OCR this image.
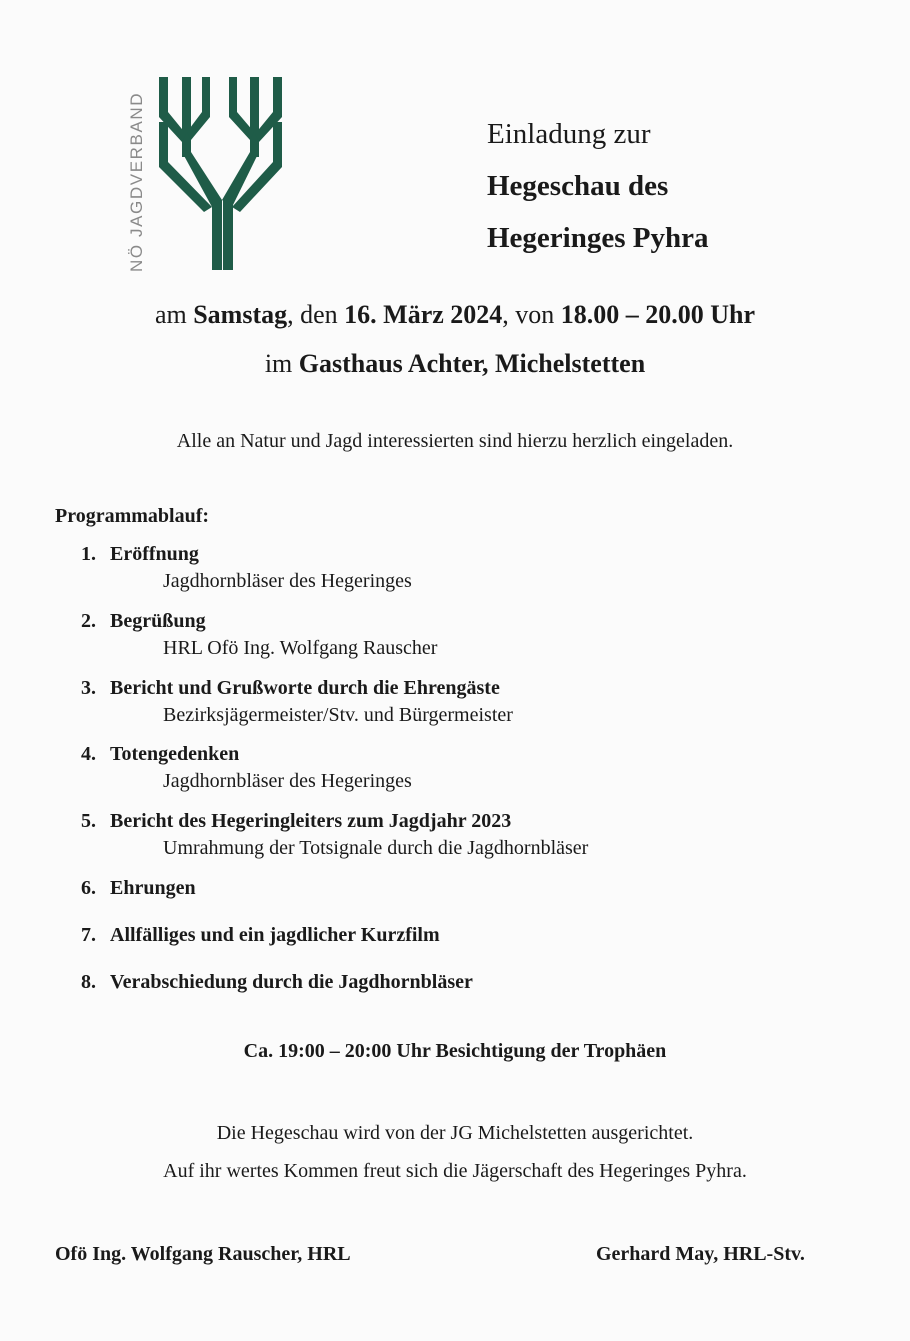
NÖ JAGDVERBAND	Einladung zur
Hegeschau des
Hegeringes Pyhra
am Samstag, den 16. März 2024, von 18.00 – 20.00 Uhr
im Gasthaus Achter, Michelstetten
Alle an Natur und Jagd interessierten sind hierzu herzlich eingeladen.
Programmablauf:
1. Eröffnung
Jagdhornbläser des Hegeringes
2. Begrüßung
HRL Ofö Ing. Wolfgang Rauscher
3. Bericht und Grußworte durch die Ehrengäste
Bezirksjägermeister/Stv. und Bürgermeister
4. Totengedenken
Jagdhornbläser des Hegeringes
5. Bericht des Hegeringleiters zum Jagdjahr 2023
Umrahmung der Totsignale durch die Jagdhornbläser
6. Ehrungen
7. Allfälliges und ein jagdlicher Kurzfilm
8. Verabschiedung durch die Jagdhornbläser
Ca. 19:00 – 20:00 Uhr Besichtigung der Trophäen
Die Hegeschau wird von der JG Michelstetten ausgerichtet.
Auf ihr wertes Kommen freut sich die Jägerschaft des Hegeringes Pyhra.
Ofö Ing. Wolfgang Rauscher, HRL	Gerhard May, HRL-Stv.
